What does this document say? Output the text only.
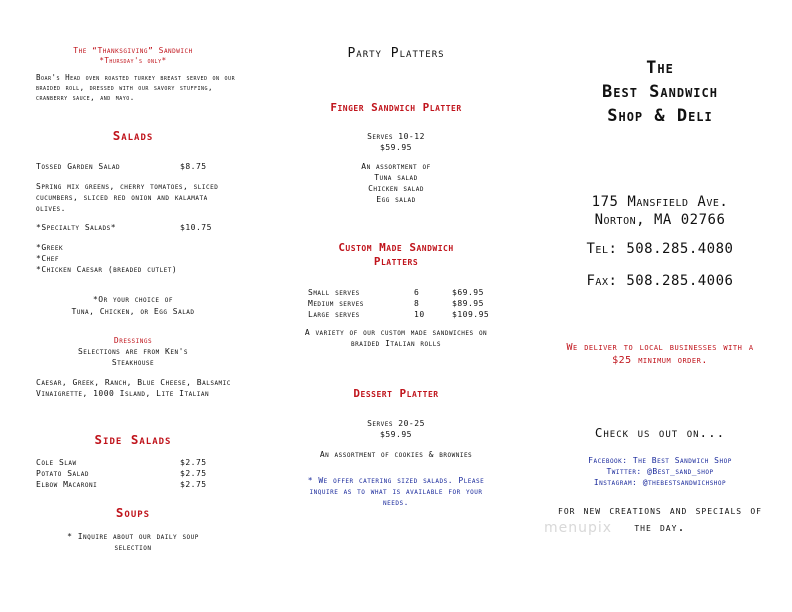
The “Thanksgiving” Sandwich
*Thursday's only*
Boar's Head oven roasted turkey breast served on our braided roll, dressed with our savory stuffing, cranberry sauce, and mayo.
Salads
Tossed Garden Salad	$8.75
Spring mix greens, cherry tomatoes, sliced cucumbers, sliced red onion and kalamata olives.
*Specialty Salads*	$10.75
*Greek
*Chef
*Chicken Caesar (breaded cutlet)
*Or your choice of
Tuna, Chicken, or Egg Salad
Dressings
Selections are from Ken's Steakhouse
Caesar, Greek, Ranch, Blue Cheese, Balsamic Vinaigrette, 1000 Island, Lite Italian
Side Salads
Cole Slaw	$2.75
Potato Salad	$2.75
Elbow Macaroni	$2.75
Soups
* Inquire about our daily soup selection
Party Platters
Finger Sandwich Platter
Serves 10-12
$59.95
An assortment of
Tuna salad
Chicken salad
Egg salad
Custom Made Sandwich
Platters
Small serves	6	$69.95
Medium serves	8	$89.95
Large serves	10	$109.95
A variety of our custom made sandwiches on braided Italian rolls
Dessert Platter
Serves 20-25
$59.95
An assortment of cookies & brownies
* We offer catering sized salads. Please inquire as to what is available for your needs.
The
Best Sandwich
Shop & Deli
175 Mansfield Ave.
Norton, MA 02766
Tel: 508.285.4080
Fax: 508.285.4006
We deliver to local businesses with a $25 minimum order.
Check us out on...
Facebook: The Best Sandwich Shop
Twitter: @Best_sand_shop
Instagram: @thebestsandwichshop
for new creations and specials of the day.
menupix
